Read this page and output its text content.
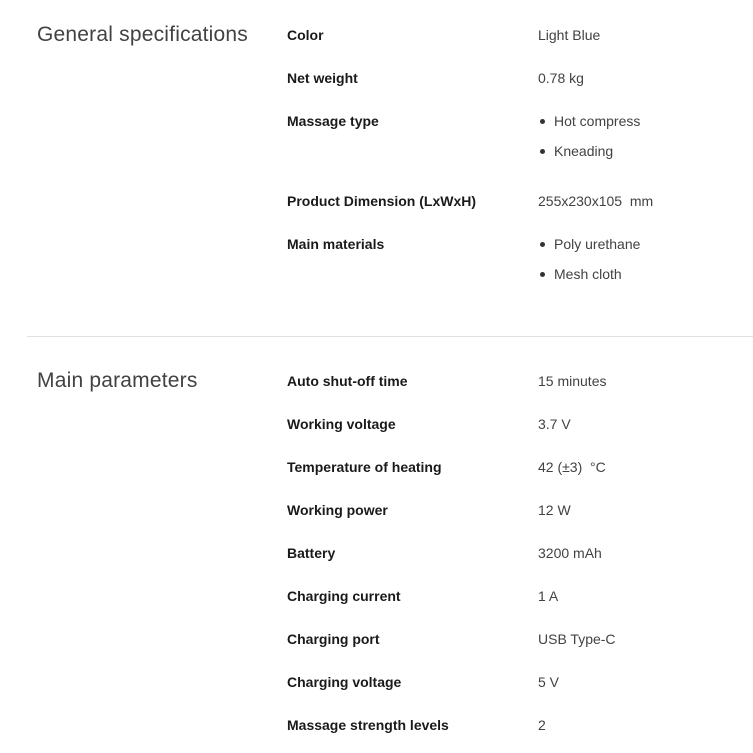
General specifications	Color	Light Blue
Net weight	0.78 kg
Massage type	Hot compress
Kneading
Product Dimension (LxWxH)	255x230x105  mm
Main materials	Poly urethane
Mesh cloth
Main parameters	Auto shut-off time	15 minutes
Working voltage	3.7 V
Temperature of heating	42 (±3)  °C
Working power	12 W
Battery	3200 mAh
Charging current	1 A
Charging port	USB Type-C
Charging voltage	5 V
Massage strength levels	2
